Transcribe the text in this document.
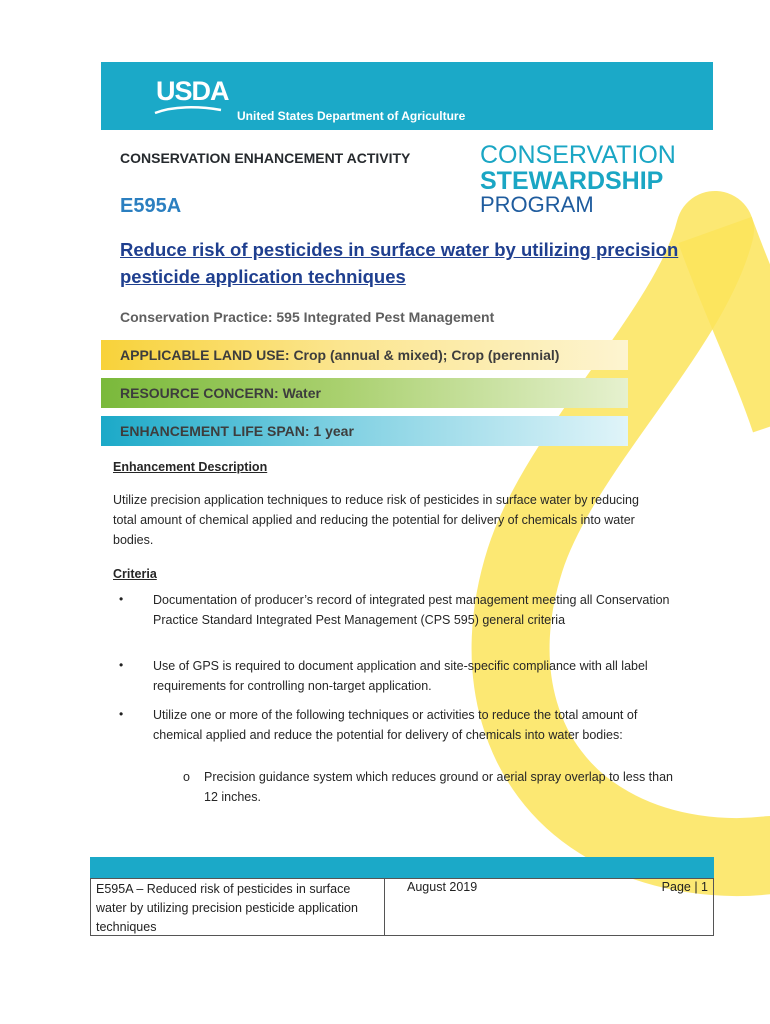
USDA
United States Department of Agriculture
CONSERVATION ENHANCEMENT ACTIVITY
E595A
CONSERVATION
STEWARDSHIP
PROGRAM
Reduce risk of pesticides in surface water by utilizing precision pesticide application techniques
Conservation Practice: 595 Integrated Pest Management
APPLICABLE LAND USE: Crop (annual & mixed); Crop (perennial)
RESOURCE CONCERN: Water
ENHANCEMENT LIFE SPAN: 1 year
Enhancement Description
Utilize precision application techniques to reduce risk of pesticides in surface water by reducing total amount of chemical applied and reducing the potential for delivery of chemicals into water bodies.
Criteria
• Documentation of producer’s record of integrated pest management meeting all Conservation Practice Standard Integrated Pest Management (CPS 595) general criteria
• Use of GPS is required to document application and site-specific compliance with all label requirements for controlling non-target application.
• Utilize one or more of the following techniques or activities to reduce the total amount of chemical applied and reduce the potential for delivery of chemicals into water bodies:
o Precision guidance system which reduces ground or aerial spray overlap to less than 12 inches.
E595A – Reduced risk of pesticides in surface water by utilizing precision pesticide application techniques
August 2019	Page | 1
